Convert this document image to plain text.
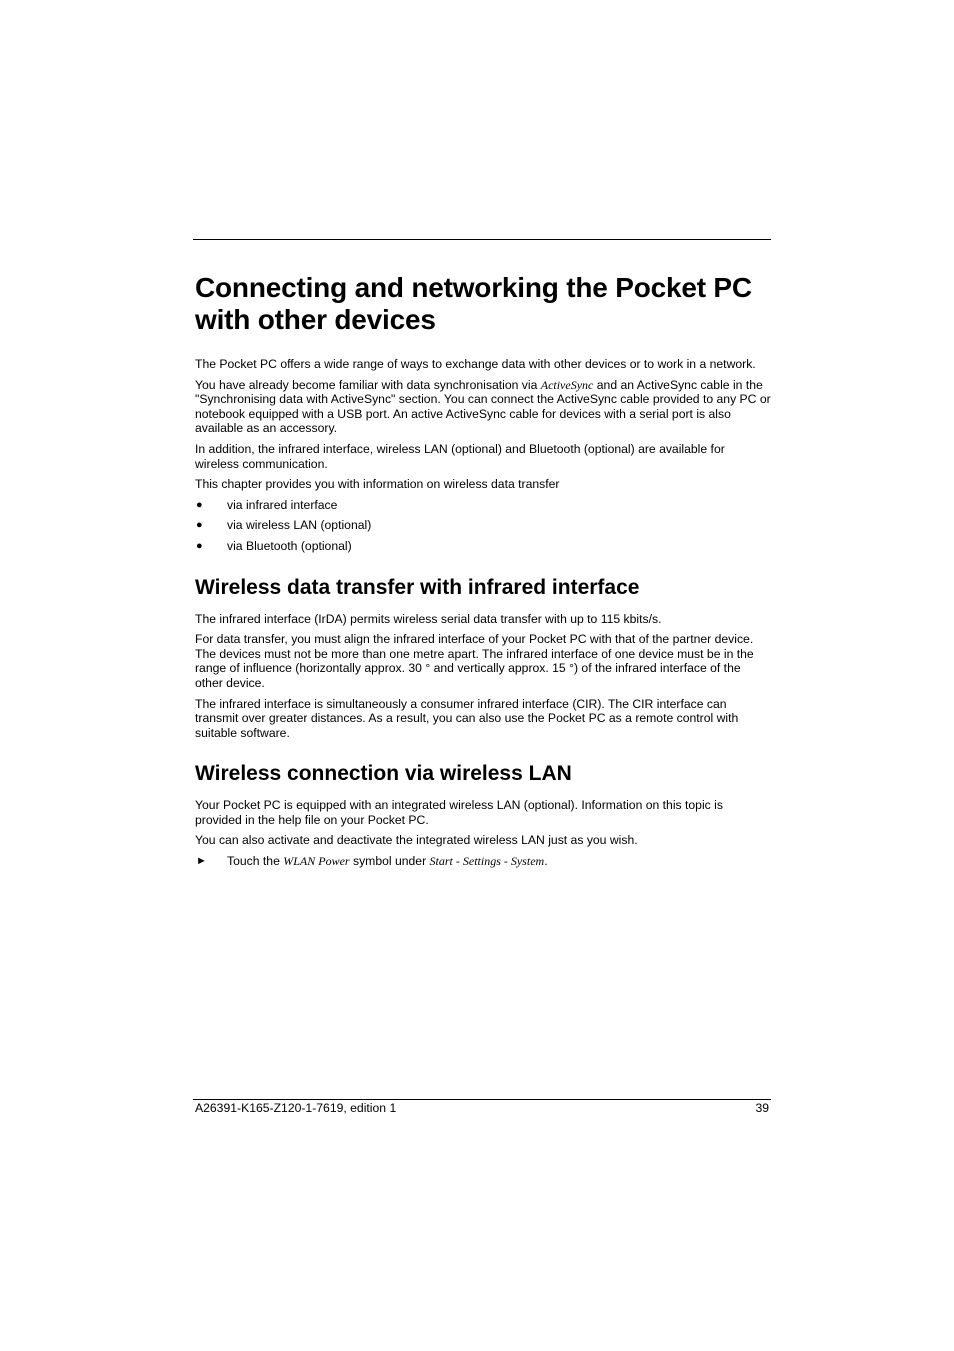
Connecting and networking the Pocket PC with other devices

The Pocket PC offers a wide range of ways to exchange data with other devices or to work in a network.

You have already become familiar with data synchronisation via ActiveSync and an ActiveSync cable in the "Synchronising data with ActiveSync" section. You can connect the ActiveSync cable provided to any PC or notebook equipped with a USB port. An active ActiveSync cable for devices with a serial port is also available as an accessory.

In addition, the infrared interface, wireless LAN (optional) and Bluetooth (optional) are available for wireless communication.

This chapter provides you with information on wireless data transfer

● via infrared interface
● via wireless LAN (optional)
● via Bluetooth (optional)
Wireless data transfer with infrared interface

The infrared interface (IrDA) permits wireless serial data transfer with up to 115 kbits/s.

For data transfer, you must align the infrared interface of your Pocket PC with that of the partner device. The devices must not be more than one metre apart. The infrared interface of one device must be in the range of influence (horizontally approx. 30 ° and vertically approx. 15 °) of the infrared interface of the other device.

The infrared interface is simultaneously a consumer infrared interface (CIR). The CIR interface can transmit over greater distances. As a result, you can also use the Pocket PC as a remote control with suitable software.

Wireless connection via wireless LAN

Your Pocket PC is equipped with an integrated wireless LAN (optional). Information on this topic is provided in the help file on your Pocket PC.

You can also activate and deactivate the integrated wireless LAN just as you wish.

► Touch the WLAN Power symbol under Start - Settings - System.
A26391-K165-Z120-1-7619, edition 1	39
